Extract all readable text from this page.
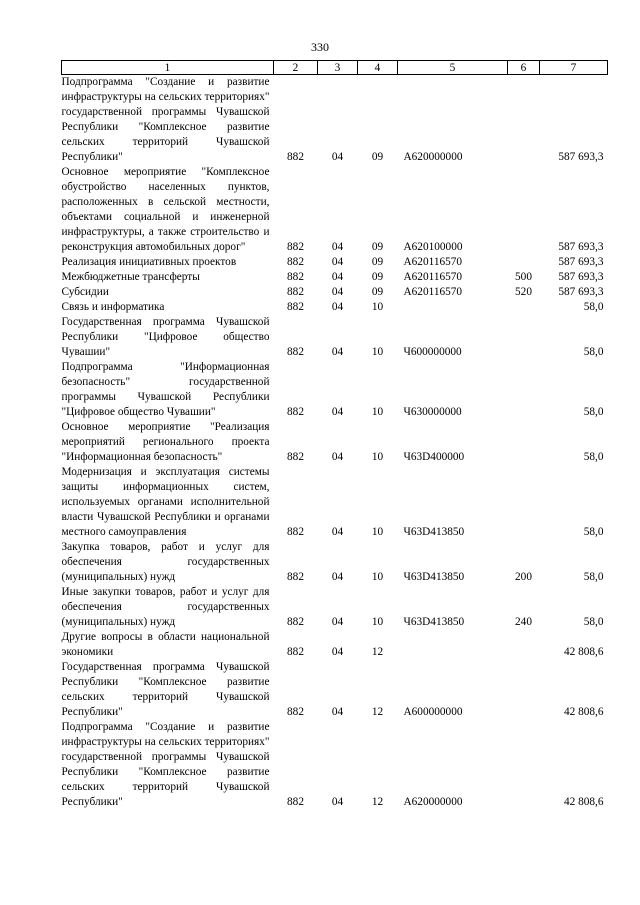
330
1	2	3	4	5	6	7
Подпрограмма "Создание и развитие инфраструктуры на сельских территориях" государственной программы Чувашской Республики "Комплексное развитие сельских территорий Чувашской Республики"	882	04	09	А620000000		587 693,3
Основное мероприятие "Комплексное обустройство населенных пунктов, расположенных в сельской местности, объектами социальной и инженерной инфраструктуры, а также строительство и реконструкция автомобильных дорог"	882	04	09	А620100000		587 693,3
Реализация инициативных проектов	882	04	09	А620116570		587 693,3
Межбюджетные трансферты	882	04	09	А620116570	500	587 693,3
Субсидии	882	04	09	А620116570	520	587 693,3
Связь и информатика	882	04	10			58,0
Государственная программа Чувашской Республики "Цифровое общество Чувашии"	882	04	10	Ч600000000		58,0
Подпрограмма "Информационная безопасность" государственной программы Чувашской Республики "Цифровое общество Чувашии"	882	04	10	Ч630000000		58,0
Основное мероприятие "Реализация мероприятий регионального проекта "Информационная безопасность"	882	04	10	Ч63D400000		58,0
Модернизация и эксплуатация системы защиты информационных систем, используемых органами исполнительной власти Чувашской Республики и органами местного самоуправления	882	04	10	Ч63D413850		58,0
Закупка товаров, работ и услуг для обеспечения государственных (муниципальных) нужд	882	04	10	Ч63D413850	200	58,0
Иные закупки товаров, работ и услуг для обеспечения государственных (муниципальных) нужд	882	04	10	Ч63D413850	240	58,0
Другие вопросы в области национальной экономики	882	04	12			42 808,6
Государственная программа Чувашской Республики "Комплексное развитие сельских территорий Чувашской Республики"	882	04	12	А600000000		42 808,6
Подпрограмма "Создание и развитие инфраструктуры на сельских территориях" государственной программы Чувашской Республики "Комплексное развитие сельских территорий Чувашской Республики"	882	04	12	А620000000		42 808,6
